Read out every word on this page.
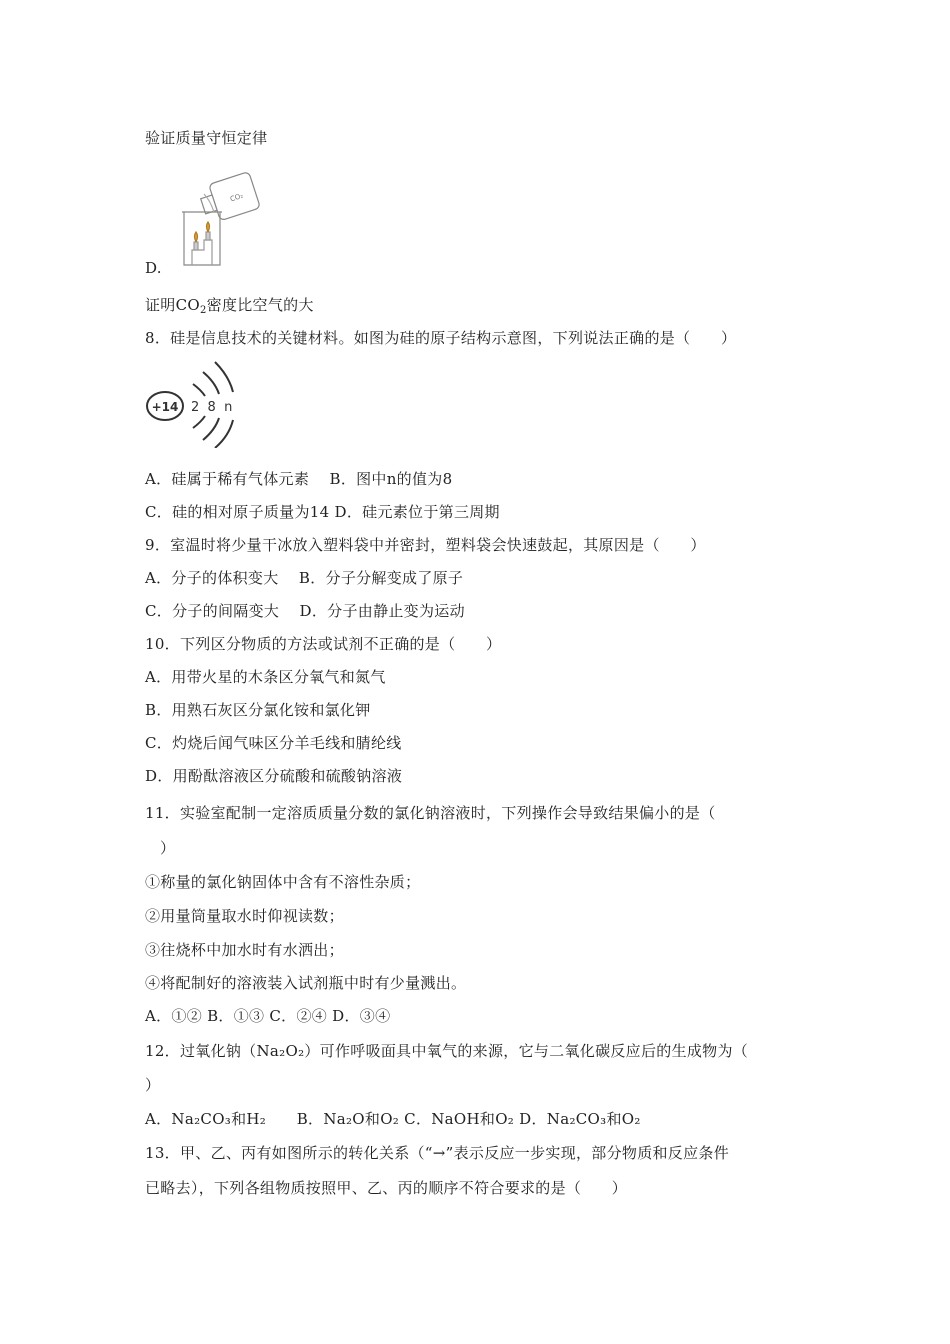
验证质量守恒定律
CO₂
D.
证明$CO_2$密度比空气的大
8．硅是信息技术的关键材料。如图为硅的原子结构示意图，下列说法正确的是（　　）
+14 2  8  n
A．硅属于稀有气体元素　 B．图中n的值为8
C．硅的相对原子质量为14 D．硅元素位于第三周期
9．室温时将少量干冰放入塑料袋中并密封，塑料袋会快速鼓起，其原因是（　　）
A．分子的体积变大　 B．分子分解变成了原子
C．分子的间隔变大　 D．分子由静止变为运动
10．下列区分物质的方法或试剂不正确的是（　　）
A．用带火星的木条区分氧气和氮气
B．用熟石灰区分氯化铵和氯化钾
C．灼烧后闻气味区分羊毛线和腈纶线
D．用酚酞溶液区分硫酸和硫酸钠溶液
11．实验室配制一定溶质质量分数的氯化钠溶液时，下列操作会导致结果偏小的是（
）
①称量的氯化钠固体中含有不溶性杂质；
②用量筒量取水时仰视读数；
③往烧杯中加水时有水洒出；
④将配制好的溶液装入试剂瓶中时有少量溅出。
A．①② B．①③ C．②④ D．③④
12．过氧化钠（Na₂O₂）可作呼吸面具中氧气的来源，它与二氧化碳反应后的生成物为（
）
A．Na₂CO₃和H₂　　B．Na₂O和O₂ C．NaOH和O₂ D．Na₂CO₃和O₂
13．甲、乙、丙有如图所示的转化关系（“→”表示反应一步实现，部分物质和反应条件
已略去），下列各组物质按照甲、乙、丙的顺序不符合要求的是（　　）
